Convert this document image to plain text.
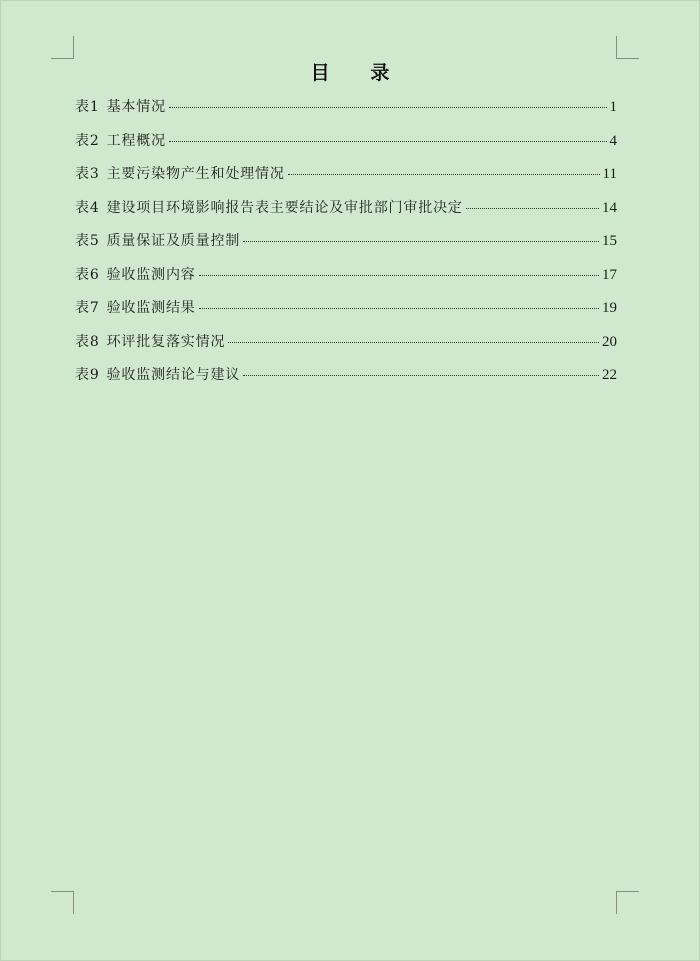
目 录
表1 基本情况	1
表2 工程概况	4
表3 主要污染物产生和处理情况	11
表4 建设项目环境影响报告表主要结论及审批部门审批决定	14
表5 质量保证及质量控制	15
表6 验收监测内容	17
表7 验收监测结果	19
表8 环评批复落实情况	20
表9 验收监测结论与建议	22
